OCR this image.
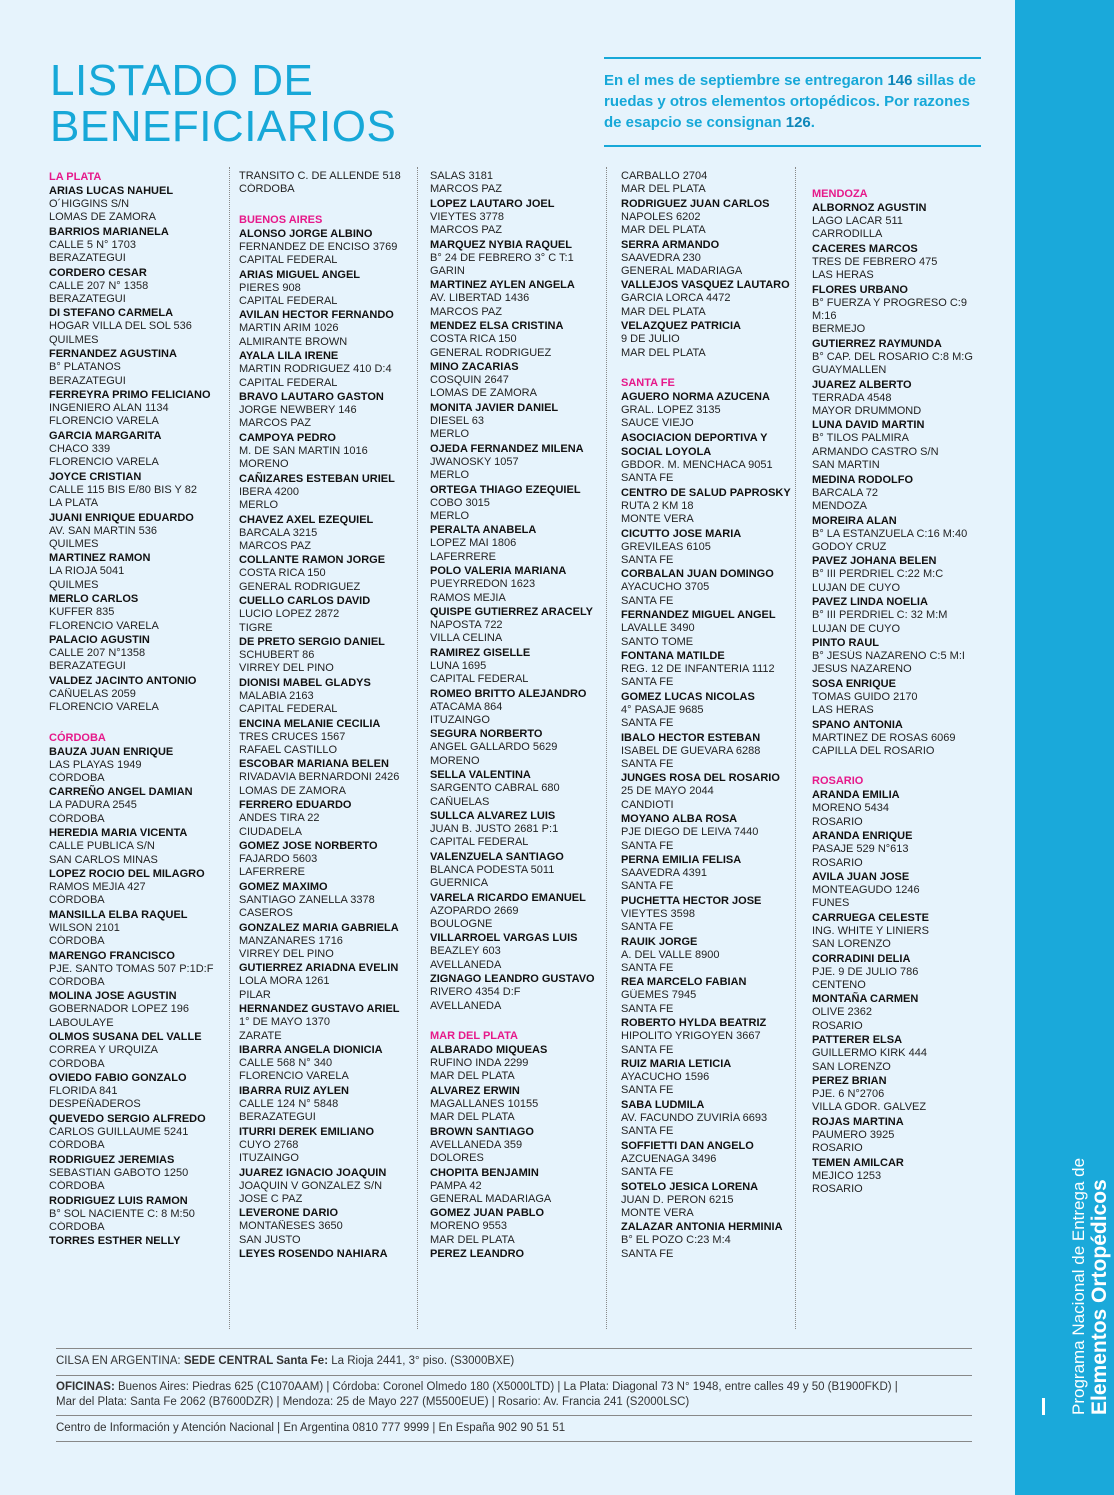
LISTADO DE
BENEFICIARIOS
En el mes de septiembre se entregaron 146 sillas de ruedas y otros elementos ortopédicos. Por razones de esapcio se consignan 126.
LA PLATA
ARIAS LUCAS NAHUEL
O´HIGGINS S/N
LOMAS DE ZAMORA
BARRIOS MARIANELA
CALLE 5 N° 1703
BERAZATEGUI
CORDERO CESAR
CALLE 207 N° 1358
BERAZATEGUI
DI STEFANO CARMELA
HOGAR VILLA DEL SOL 536
QUILMES
FERNANDEZ AGUSTINA
B° PLATANOS
BERAZATEGUI
FERREYRA PRIMO FELICIANO
INGENIERO ALAN 1134
FLORENCIO VARELA
GARCIA MARGARITA
CHACO 339
FLORENCIO VARELA
JOYCE CRISTIAN
CALLE 115 BIS E/80 BIS Y 82
LA PLATA
JUANI ENRIQUE EDUARDO
AV. SAN MARTIN 536
QUILMES
MARTINEZ RAMON
LA RIOJA 5041
QUILMES
MERLO CARLOS
KUFFER 835
FLORENCIO VARELA
PALACIO AGUSTIN
CALLE 207 N°1358
BERAZATEGUI
VALDEZ JACINTO ANTONIO
CAÑUELAS 2059
FLORENCIO VARELA
CÓRDOBA
BAUZA JUAN ENRIQUE
LAS PLAYAS 1949
CÓRDOBA
CARREÑO ANGEL DAMIAN
LA PADURA 2545
CÓRDOBA
HEREDIA MARIA VICENTA
CALLE PUBLICA S/N
SAN CARLOS MINAS
LOPEZ ROCIO DEL MILAGRO
RAMOS MEJIA 427
CÓRDOBA
MANSILLA ELBA RAQUEL
WILSON 2101
CÓRDOBA
MARENGO FRANCISCO
PJE. SANTO TOMAS 507 P:1D:F
CÓRDOBA
MOLINA JOSE AGUSTIN
GOBERNADOR LOPEZ 196
LABOULAYE
OLMOS SUSANA DEL VALLE
CORREA Y URQUIZA
CÓRDOBA
OVIEDO FABIO GONZALO
FLORIDA 841
DESPEÑADEROS
QUEVEDO SERGIO ALFREDO
CARLOS GUILLAUME 5241
CÓRDOBA
RODRIGUEZ JEREMIAS
SEBASTIAN GABOTO 1250
CÓRDOBA
RODRIGUEZ LUIS RAMON
B° SOL NACIENTE C: 8 M:50
CÓRDOBA
TORRES ESTHER NELLY
TRANSITO C. DE ALLENDE 518
CÓRDOBA
BUENOS AIRES
ALONSO JORGE ALBINO
FERNANDEZ DE ENCISO 3769
CAPITAL FEDERAL
ARIAS MIGUEL ANGEL
PIERES 908
CAPITAL FEDERAL
AVILAN HECTOR FERNANDO
MARTIN ARIM 1026
ALMIRANTE BROWN
AYALA LILA IRENE
MARTIN RODRIGUEZ 410 D:4
CAPITAL FEDERAL
BRAVO LAUTARO GASTON
JORGE NEWBERY 146
MARCOS PAZ
CAMPOYA PEDRO
M. DE SAN MARTIN 1016
MORENO
CAÑIZARES ESTEBAN URIEL
IBERA 4200
MERLO
CHAVEZ AXEL EZEQUIEL
BARCALA 3215
MARCOS PAZ
COLLANTE RAMON JORGE
COSTA RICA 150
GENERAL RODRIGUEZ
CUELLO CARLOS DAVID
LUCIO LOPEZ 2872
TIGRE
DE PRETO SERGIO DANIEL
SCHUBERT 86
VIRREY DEL PINO
DIONISI MABEL GLADYS
MALABIA 2163
CAPITAL FEDERAL
ENCINA MELANIE CECILIA
TRES CRUCES 1567
RAFAEL CASTILLO
ESCOBAR MARIANA BELEN
RIVADAVIA BERNARDONI 2426
LOMAS DE ZAMORA
FERRERO EDUARDO
ANDES TIRA 22
CIUDADELA
GOMEZ JOSE NORBERTO
FAJARDO 5603
LAFERRERE
GOMEZ MAXIMO
SANTIAGO ZANELLA 3378
CASEROS
GONZALEZ MARIA GABRIELA
MANZANARES 1716
VIRREY DEL PINO
GUTIERREZ ARIADNA EVELIN
LOLA MORA 1261
PILAR
HERNANDEZ GUSTAVO ARIEL
1° DE MAYO 1370
ZARATE
IBARRA ANGELA DIONICIA
CALLE 568 N° 340
FLORENCIO VARELA
IBARRA RUIZ AYLEN
CALLE 124 N° 5848
BERAZATEGUI
ITURRI DEREK EMILIANO
CUYO 2768
ITUZAINGO
JUAREZ IGNACIO JOAQUIN
JOAQUIN V GONZALEZ S/N
JOSE C PAZ
LEVERONE DARIO
MONTAÑESES 3650
SAN JUSTO
LEYES ROSENDO NAHIARA
SALAS 3181
MARCOS PAZ
LOPEZ LAUTARO JOEL
VIEYTES 3778
MARCOS PAZ
MARQUEZ NYBIA RAQUEL
B° 24 DE FEBRERO 3° C T:1
GARIN
MARTINEZ AYLEN ANGELA
AV. LIBERTAD 1436
MARCOS PAZ
MENDEZ ELSA CRISTINA
COSTA RICA 150
GENERAL RODRIGUEZ
MINO ZACARIAS
COSQUIN 2647
LOMAS DE ZAMORA
MONITA JAVIER DANIEL
DIESEL 63
MERLO
OJEDA FERNANDEZ MILENA
JWANOSKY 1057
MERLO
ORTEGA THIAGO EZEQUIEL
COBO 3015
MERLO
PERALTA ANABELA
LOPEZ MAI 1806
LAFERRERE
POLO VALERIA MARIANA
PUEYRREDON 1623
RAMOS MEJIA
QUISPE GUTIERREZ ARACELY
NAPOSTA 722
VILLA CELINA
RAMIREZ GISELLE
LUNA 1695
CAPITAL FEDERAL
ROMEO BRITTO ALEJANDRO
ATACAMA 864
ITUZAINGO
SEGURA NORBERTO
ANGEL GALLARDO 5629
MORENO
SELLA VALENTINA
SARGENTO CABRAL 680
CAÑUELAS
SULLCA ALVAREZ LUIS
JUAN B. JUSTO 2681 P:1
CAPITAL FEDERAL
VALENZUELA SANTIAGO
BLANCA PODESTA 5011
GUERNICA
VARELA RICARDO EMANUEL
AZOPARDO 2669
BOULOGNE
VILLARROEL VARGAS LUIS
BEAZLEY 603
AVELLANEDA
ZIGNAGO LEANDRO GUSTAVO
RIVERO 4354 D:F
AVELLANEDA
MAR DEL PLATA
ALBARADO MIQUEAS
RUFINO INDA 2299
MAR DEL PLATA
ALVAREZ ERWIN
MAGALLANES 10155
MAR DEL PLATA
BROWN SANTIAGO
AVELLANEDA 359
DOLORES
CHOPITA BENJAMIN
PAMPA 42
GENERAL MADARIAGA
GOMEZ JUAN PABLO
MORENO 9553
MAR DEL PLATA
PEREZ LEANDRO
CARBALLO 2704
MAR DEL PLATA
RODRIGUEZ JUAN CARLOS
NAPOLES 6202
MAR DEL PLATA
SERRA ARMANDO
SAAVEDRA 230
GENERAL MADARIAGA
VALLEJOS VASQUEZ LAUTARO
GARCIA LORCA 4472
MAR DEL PLATA
VELAZQUEZ PATRICIA
9 DE JULIO
MAR DEL PLATA
SANTA FE
AGUERO NORMA AZUCENA
GRAL. LOPEZ 3135
SAUCE VIEJO
ASOCIACION DEPORTIVA Y
SOCIAL LOYOLA
GBDOR. M. MENCHACA 9051
SANTA FE
CENTRO DE SALUD PAPROSKY
RUTA 2 KM 18
MONTE VERA
CICUTTO JOSE MARIA
GREVILEAS 6105
SANTA FE
CORBALAN JUAN DOMINGO
AYACUCHO 3705
SANTA FE
FERNANDEZ MIGUEL ANGEL
LAVALLE 3490
SANTO TOME
FONTANA MATILDE
REG. 12 DE INFANTERIA 1112
SANTA FE
GOMEZ LUCAS NICOLAS
4° PASAJE 9685
SANTA FE
IBALO HECTOR ESTEBAN
ISABEL DE GUEVARA 6288
SANTA FE
JUNGES ROSA DEL ROSARIO
25 DE MAYO 2044
CANDIOTI
MOYANO ALBA ROSA
PJE DIEGO DE LEIVA 7440
SANTA FE
PERNA EMILIA FELISA
SAAVEDRA 4391
SANTA FE
PUCHETTA HECTOR JOSE
VIEYTES 3598
SANTA FE
RAUIK JORGE
A. DEL VALLE 8900
SANTA FE
REA MARCELO FABIAN
GÜEMES 7945
SANTA FE
ROBERTO HYLDA BEATRIZ
HIPOLITO YRIGOYEN 3667
SANTA FE
RUIZ MARIA LETICIA
AYACUCHO 1596
SANTA FE
SABA LUDMILA
AV. FACUNDO ZUVIRÍA 6693
SANTA FE
SOFFIETTI DAN ANGELO
AZCUENAGA 3496
SANTA FE
SOTELO JESICA LORENA
JUAN D. PERON 6215
MONTE VERA
ZALAZAR ANTONIA HERMINIA
B° EL POZO C:23 M:4
SANTA FE
MENDOZA
ALBORNOZ AGUSTIN
LAGO LACAR 511
CARRODILLA
CACERES MARCOS
TRES DE FEBRERO 475
LAS HERAS
FLORES URBANO
B° FUERZA Y PROGRESO C:9
M:16
BERMEJO
GUTIERREZ RAYMUNDA
B° CAP. DEL ROSARIO C:8 M:G
GUAYMALLEN
JUAREZ ALBERTO
TERRADA 4548
MAYOR DRUMMOND
LUNA DAVID MARTIN
B° TILOS PALMIRA
ARMANDO CASTRO S/N
SAN MARTIN
MEDINA RODOLFO
BARCALA 72
MENDOZA
MOREIRA ALAN
B° LA ESTANZUELA C:16 M:40
GODOY CRUZ
PAVEZ JOHANA BELEN
B° III PERDRIEL C:22 M:C
LUJAN DE CUYO
PAVEZ LINDA NOELIA
B° III PERDRIEL C: 32 M:M
LUJAN DE CUYO
PINTO RAUL
B° JESÚS NAZARENO C:5 M:I
JESUS NAZARENO
SOSA ENRIQUE
TOMAS GUIDO 2170
LAS HERAS
SPANO ANTONIA
MARTINEZ DE ROSAS 6069
CAPILLA DEL ROSARIO
ROSARIO
ARANDA EMILIA
MORENO 5434
ROSARIO
ARANDA ENRIQUE
PASAJE 529 N°613
ROSARIO
AVILA JUAN JOSE
MONTEAGUDO 1246
FUNES
CARRUEGA CELESTE
ING. WHITE Y LINIERS
SAN LORENZO
CORRADINI DELIA
PJE. 9 DE JULIO 786
CENTENO
MONTAÑA CARMEN
OLIVE 2362
ROSARIO
PATTERER ELSA
GUILLERMO KIRK 444
SAN LORENZO
PEREZ BRIAN
PJE. 6 N°2706
VILLA GDOR. GALVEZ
ROJAS MARTINA
PAUMERO 3925
ROSARIO
TEMEN AMILCAR
MEJICO 1253
ROSARIO
CILSA EN ARGENTINA: SEDE CENTRAL Santa Fe: La Rioja 2441, 3° piso. (S3000BXE)
OFICINAS: Buenos Aires: Piedras 625 (C1070AAM) | Córdoba: Coronel Olmedo 180 (X5000LTD) | La Plata: Diagonal 73 N° 1948, entre calles 49 y 50 (B1900FKD) |
Mar del Plata: Santa Fe 2062 (B7600DZR) | Mendoza: 25 de Mayo 227 (M5500EUE) | Rosario: Av. Francia 241 (S2000LSC)
Centro de Información y Atención Nacional | En Argentina 0810 777 9999 | En España 902 90 51 51
Programa Nacional de Entrega de Elementos Ortopédicos
